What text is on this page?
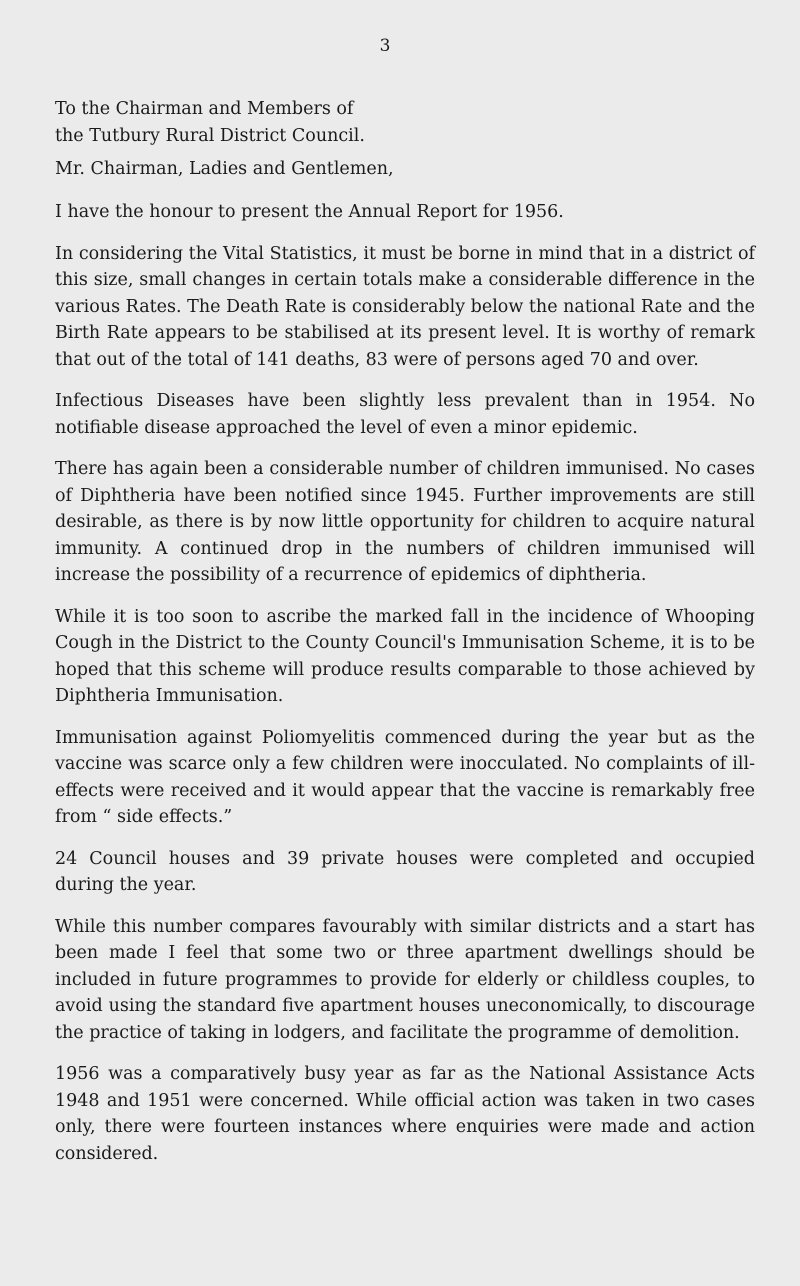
3
To the Chairman and Members of
the Tutbury Rural District Council.
Mr. Chairman, Ladies and Gentlemen,

I have the honour to present the Annual Report for 1956.

In considering the Vital Statistics, it must be borne in mind that in a district of this size, small changes in certain totals make a considerable difference in the various Rates. The Death Rate is considerably below the national Rate and the Birth Rate appears to be stabilised at its present level. It is worthy of remark that out of the total of 141 deaths, 83 were of persons aged 70 and over.

Infectious Diseases have been slightly less prevalent than in 1954. No notifiable disease approached the level of even a minor epidemic.

There has again been a considerable number of children immunised. No cases of Diphtheria have been notified since 1945. Further improvements are still desirable, as there is by now little opportunity for children to acquire natural immunity. A continued drop in the numbers of children immunised will increase the possibility of a recurrence of epidemics of diphtheria.

While it is too soon to ascribe the marked fall in the incidence of Whooping Cough in the District to the County Council's Immunisation Scheme, it is to be hoped that this scheme will produce results comparable to those achieved by Diphtheria Immunisation.

Immunisation against Poliomyelitis commenced during the year but as the vaccine was scarce only a few children were inocculated. No complaints of ill-effects were received and it would appear that the vaccine is remarkably free from “ side effects.”

24 Council houses and 39 private houses were completed and occupied during the year.

While this number compares favourably with similar districts and a start has been made I feel that some two or three apartment dwellings should be included in future programmes to provide for elderly or childless couples, to avoid using the standard five apartment houses uneconomically, to discourage the practice of taking in lodgers, and facilitate the programme of demolition.

1956 was a comparatively busy year as far as the National Assistance Acts 1948 and 1951 were concerned. While official action was taken in two cases only, there were fourteen instances where enquiries were made and action considered.
